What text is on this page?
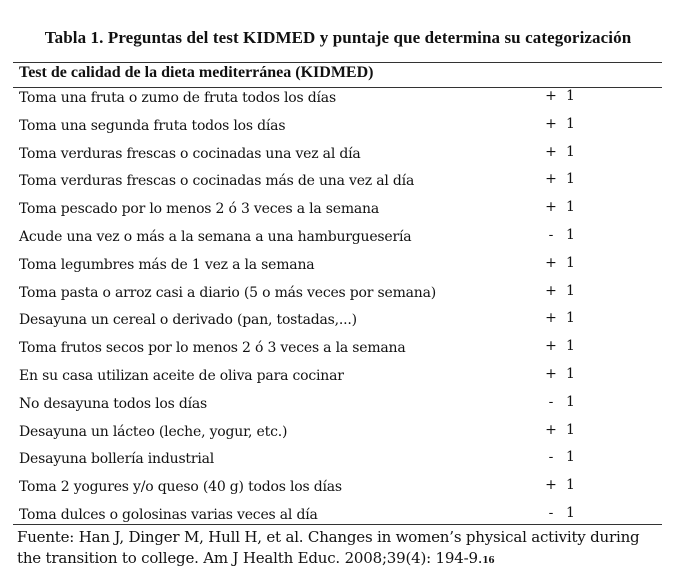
Tabla 1. Preguntas del test KIDMED y puntaje que determina su categorización
Test de calidad de la dieta mediterránea (KIDMED)
Toma una fruta o zumo de fruta todos los días	+ 1
Toma una segunda fruta todos los días	+ 1
Toma verduras frescas o cocinadas una vez al día	+ 1
Toma verduras frescas o cocinadas más de una vez al día	+ 1
Toma pescado por lo menos 2 ó 3 veces a la semana	+ 1
Acude una vez o más a la semana a una hamburguesería	- 1
Toma legumbres más de 1 vez a la semana	+ 1
Toma pasta o arroz casi a diario (5 o más veces por semana)	+ 1
Desayuna un cereal o derivado (pan, tostadas,...)	+ 1
Toma frutos secos por lo menos 2 ó 3 veces a la semana	+ 1
En su casa utilizan aceite de oliva para cocinar	+ 1
No desayuna todos los días	- 1
Desayuna un lácteo (leche, yogur, etc.)	+ 1
Desayuna bollería industrial	- 1
Toma 2 yogures y/o queso (40 g) todos los días	+ 1
Toma dulces o golosinas varias veces al día	- 1
Fuente: Han J, Dinger M, Hull H, et al. Changes in women’s physical activity during the transition to college. Am J Health Educ. 2008;39(4): 194-9.16
